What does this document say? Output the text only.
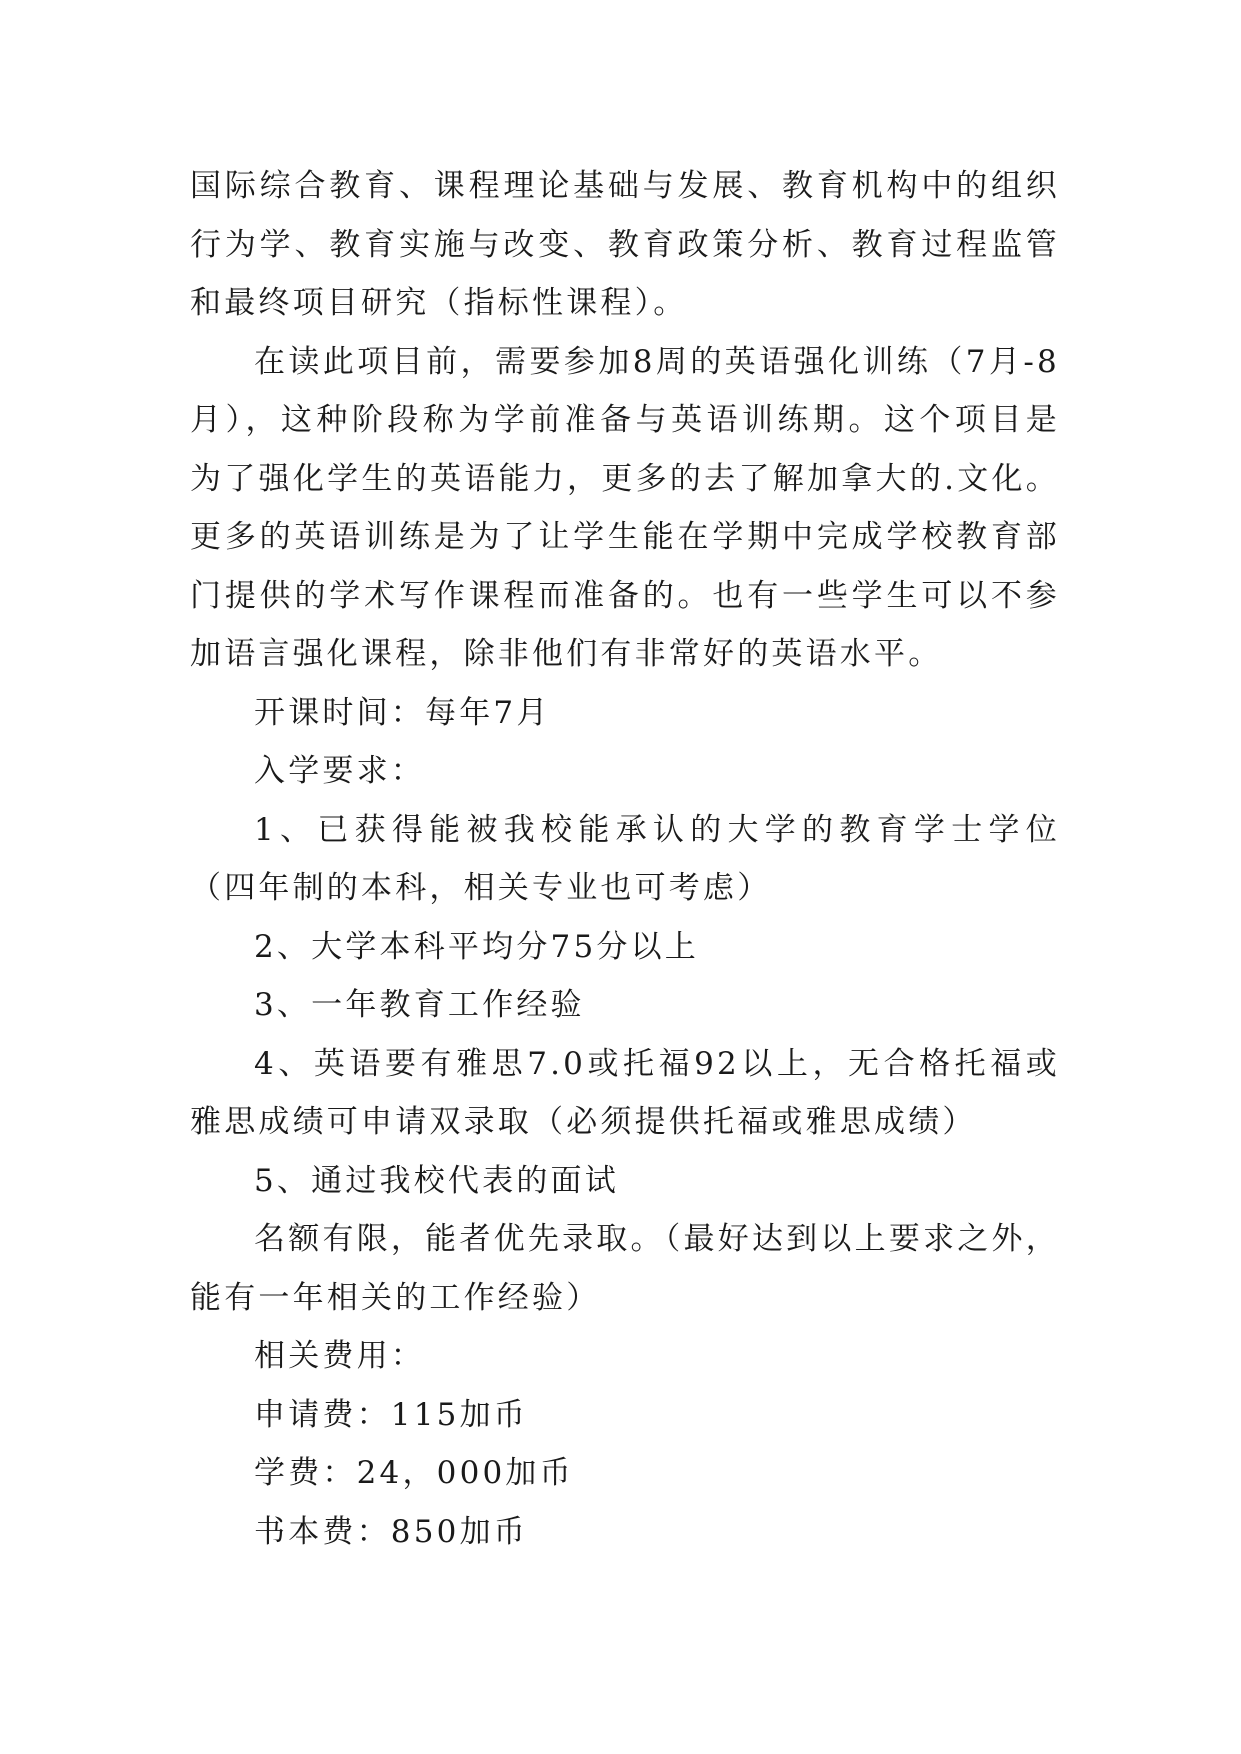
国际综合教育、课程理论基础与发展、教育机构中的组织行为学、教育实施与改变、教育政策分析、教育过程监管和最终项目研究（指标性课程）。

在读此项目前，需要参加8周的英语强化训练（7月-8月），这种阶段称为学前准备与英语训练期。这个项目是为了强化学生的英语能力，更多的去了解加拿大的.文化。更多的英语训练是为了让学生能在学期中完成学校教育部门提供的学术写作课程而准备的。也有一些学生可以不参加语言强化课程，除非他们有非常好的英语水平。

开课时间：每年7月

入学要求：

1、已获得能被我校能承认的大学的教育学士学位（四年制的本科，相关专业也可考虑）

2、大学本科平均分75分以上

3、一年教育工作经验

4、英语要有雅思7.0或托福92以上，无合格托福或雅思成绩可申请双录取（必须提供托福或雅思成绩）

5、通过我校代表的面试

名额有限，能者优先录取。（最好达到以上要求之外，能有一年相关的工作经验）

相关费用：

申请费：115加币

学费：24，000加币

书本费：850加币
